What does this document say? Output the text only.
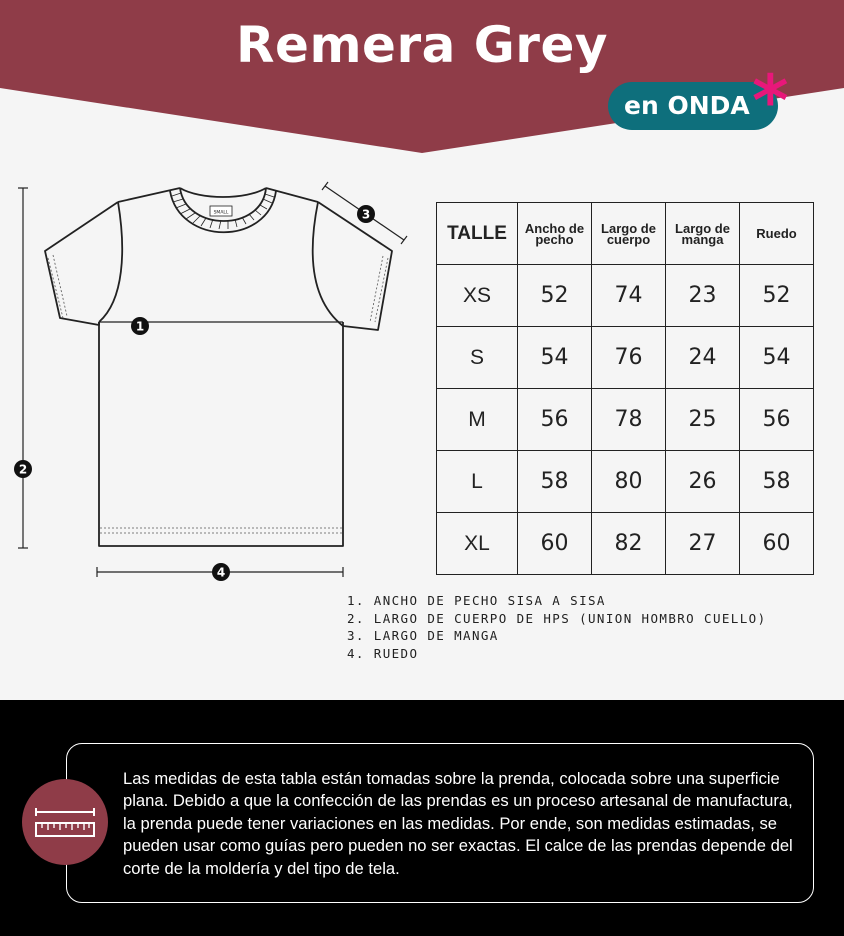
Remera Grey
en ONDA *
SMALL
1
2
3
4
TALLE	Ancho de pecho	Largo de cuerpo	Largo de manga	Ruedo
XS	52	74	23	52
S	54	76	24	54
M	56	78	25	56
L	58	80	26	58
XL	60	82	27	60
1. ANCHO DE PECHO SISA A SISA
2. LARGO DE CUERPO DE HPS (UNION HOMBRO CUELLO)
3. LARGO DE MANGA
4. RUEDO
Las medidas de esta tabla están tomadas sobre la prenda, colocada sobre una superficie plana. Debido a que la confección de las prendas es un proceso artesanal de manufactura, la prenda puede tener variaciones en las medidas. Por ende, son medidas estimadas, se pueden usar como guías pero pueden no ser exactas. El calce de las prendas depende del corte de la moldería y del tipo de tela.
